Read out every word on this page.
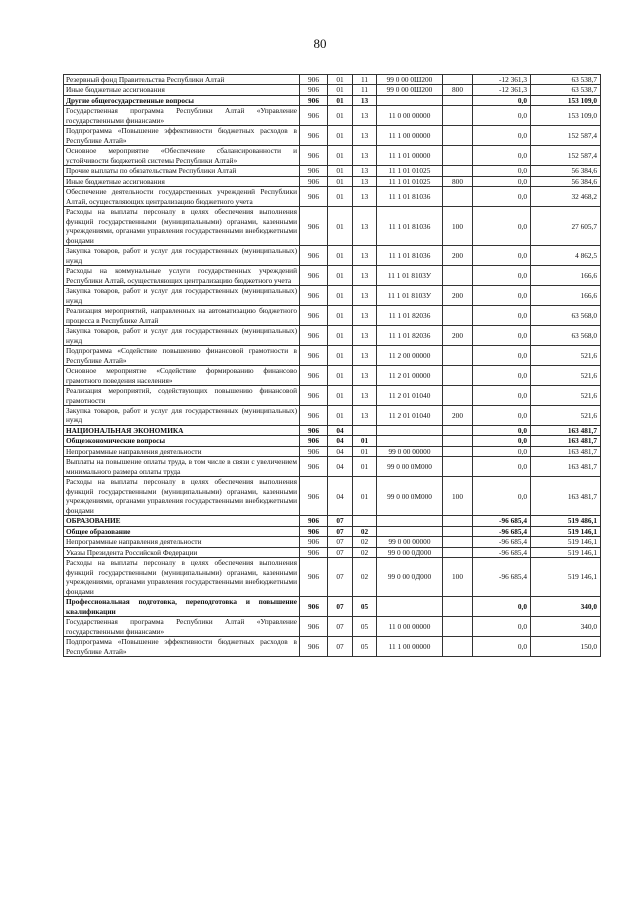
80
Резервный фонд Правительства Республики Алтай	906	01	11	99 0 00 0Ш200		-12 361,3	63 538,7
Иные бюджетные ассигнования	906	01	11	99 0 00 0Ш200	800	-12 361,3	63 538,7
Другие общегосударственные вопросы	906	01	13			0,0	153 109,0
Государственная программа Республики Алтай «Управление государственными финансами»	906	01	13	11 0 00 00000		0,0	153 109,0
Подпрограмма «Повышение эффективности бюджетных расходов в Республике Алтай»	906	01	13	11 1 00 00000		0,0	152 587,4
Основное мероприятие «Обеспечение сбалансированности и устойчивости бюджетной системы Республики Алтай»	906	01	13	11 1 01 00000		0,0	152 587,4
Прочие выплаты по обязательствам Республики Алтай	906	01	13	11 1 01 01025		0,0	56 384,6
Иные бюджетные ассигнования	906	01	13	11 1 01 01025	800	0,0	56 384,6
Обеспечение деятельности государственных учреждений Республики Алтай, осуществляющих централизацию бюджетного учета	906	01	13	11 1 01 81036		0,0	32 468,2
Расходы на выплаты персоналу в целях обеспечения выполнения функций государственными (муниципальными) органами, казенными учреждениями, органами управления государственными внебюджетными фондами	906	01	13	11 1 01 81036	100	0,0	27 605,7
Закупка товаров, работ и услуг для государственных (муниципальных) нужд	906	01	13	11 1 01 81036	200	0,0	4 862,5
Расходы на коммунальные услуги государственных учреждений Республики Алтай, осуществляющих централизацию бюджетного учета	906	01	13	11 1 01 8103У		0,0	166,6
Закупка товаров, работ и услуг для государственных (муниципальных) нужд	906	01	13	11 1 01 8103У	200	0,0	166,6
Реализация мероприятий, направленных на автоматизацию бюджетного процесса в Республике Алтай	906	01	13	11 1 01 82036		0,0	63 568,0
Закупка товаров, работ и услуг для государственных (муниципальных) нужд	906	01	13	11 1 01 82036	200	0,0	63 568,0
Подпрограмма «Содействие повышению финансовой грамотности в Республике Алтай»	906	01	13	11 2 00 00000		0,0	521,6
Основное мероприятие «Содействие формированию финансово грамотного поведения населения»	906	01	13	11 2 01 00000		0,0	521,6
Реализация мероприятий, содействующих повышению финансовой грамотности	906	01	13	11 2 01 01040		0,0	521,6
Закупка товаров, работ и услуг для государственных (муниципальных) нужд	906	01	13	11 2 01 01040	200	0,0	521,6
НАЦИОНАЛЬНАЯ ЭКОНОМИКА	906	04				0,0	163 481,7
Общеэкономические вопросы	906	04	01			0,0	163 481,7
Непрограммные направления деятельности	906	04	01	99 0 00 00000		0,0	163 481,7
Выплаты на повышение оплаты труда, в том числе в связи с увеличением минимального размера оплаты труда	906	04	01	99 0 00 0М000		0,0	163 481,7
Расходы на выплаты персоналу в целях обеспечения выполнения функций государственными (муниципальными) органами, казенными учреждениями, органами управления государственными внебюджетными фондами	906	04	01	99 0 00 0М000	100	0,0	163 481,7
ОБРАЗОВАНИЕ	906	07				-96 685,4	519 486,1
Общее образование	906	07	02			-96 685,4	519 146,1
Непрограммные направления деятельности	906	07	02	99 0 00 00000		-96 685,4	519 146,1
Указы Президента Российской Федерации	906	07	02	99 0 00 0Д000		-96 685,4	519 146,1
Расходы на выплаты персоналу в целях обеспечения выполнения функций государственными (муниципальными) органами, казенными учреждениями, органами управления государственными внебюджетными фондами	906	07	02	99 0 00 0Д000	100	-96 685,4	519 146,1
Профессиональная подготовка, переподготовка и повышение квалификации	906	07	05			0,0	340,0
Государственная программа Республики Алтай «Управление государственными финансами»	906	07	05	11 0 00 00000		0,0	340,0
Подпрограмма «Повышение эффективности бюджетных расходов в Республике Алтай»	906	07	05	11 1 00 00000		0,0	150,0
